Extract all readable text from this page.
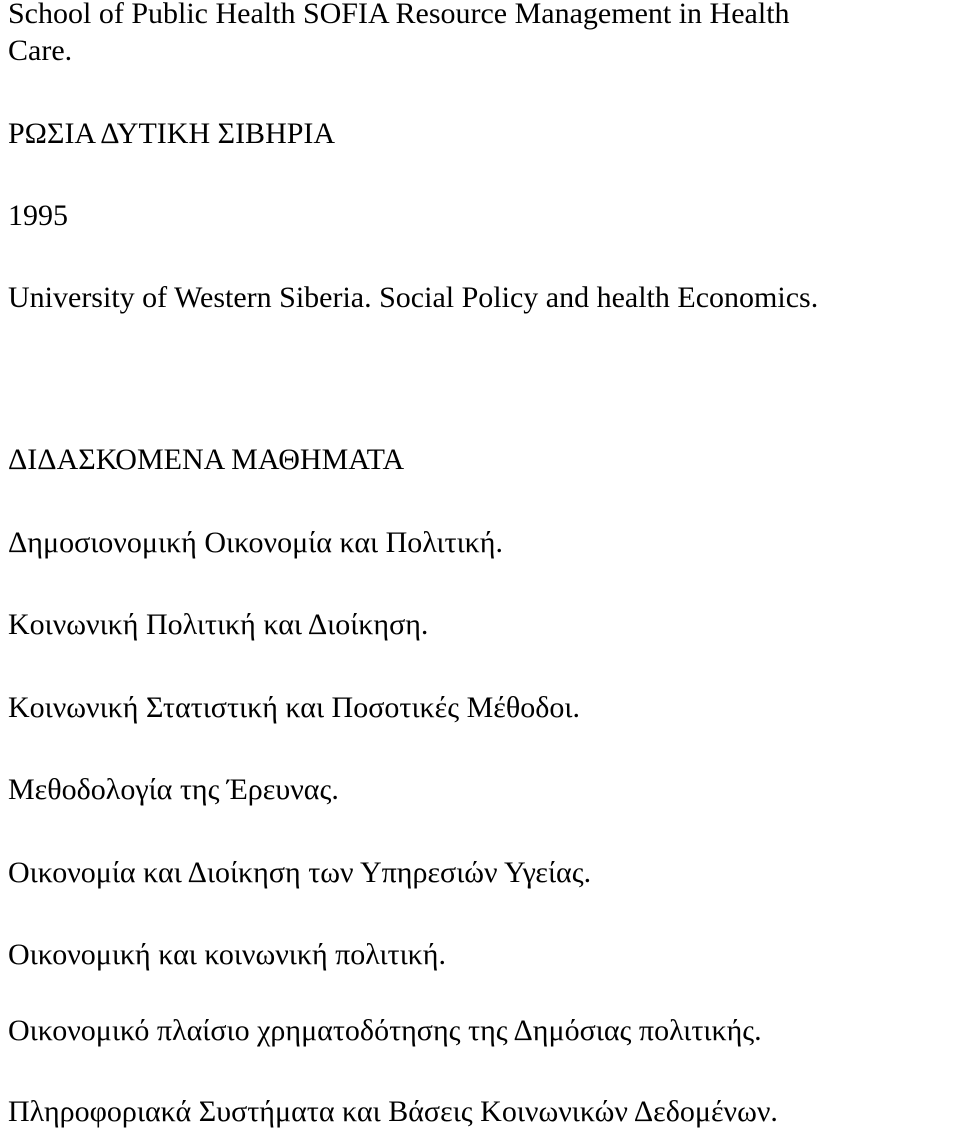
School of Public Health SOFIA Resource Management in Health

Care.

ΡΩΣΙΑ ΔΥΤΙΚΗ ΣΙΒΗΡΙΑ

1995

University of Western Siberia. Social Policy and health Economics.

ΔΙΔΑΣΚΟΜΕΝΑ ΜΑΘΗΜΑΤΑ

Δημοσιονομική Οικονομία και Πολιτική.

Κοινωνική Πολιτική και Διοίκηση.

Κοινωνική Στατιστική και Ποσοτικές Μέθοδοι.

Μεθοδολογία της Έρευνας.

Οικονομία και Διοίκηση των Υπηρεσιών Υγείας.

Οικονομική και κοινωνική πολιτική.

Οικονομικό πλαίσιο χρηματοδότησης της Δημόσιας πολιτικής.

Πληροφοριακά Συστήματα και Βάσεις Κοινωνικών Δεδομένων.
